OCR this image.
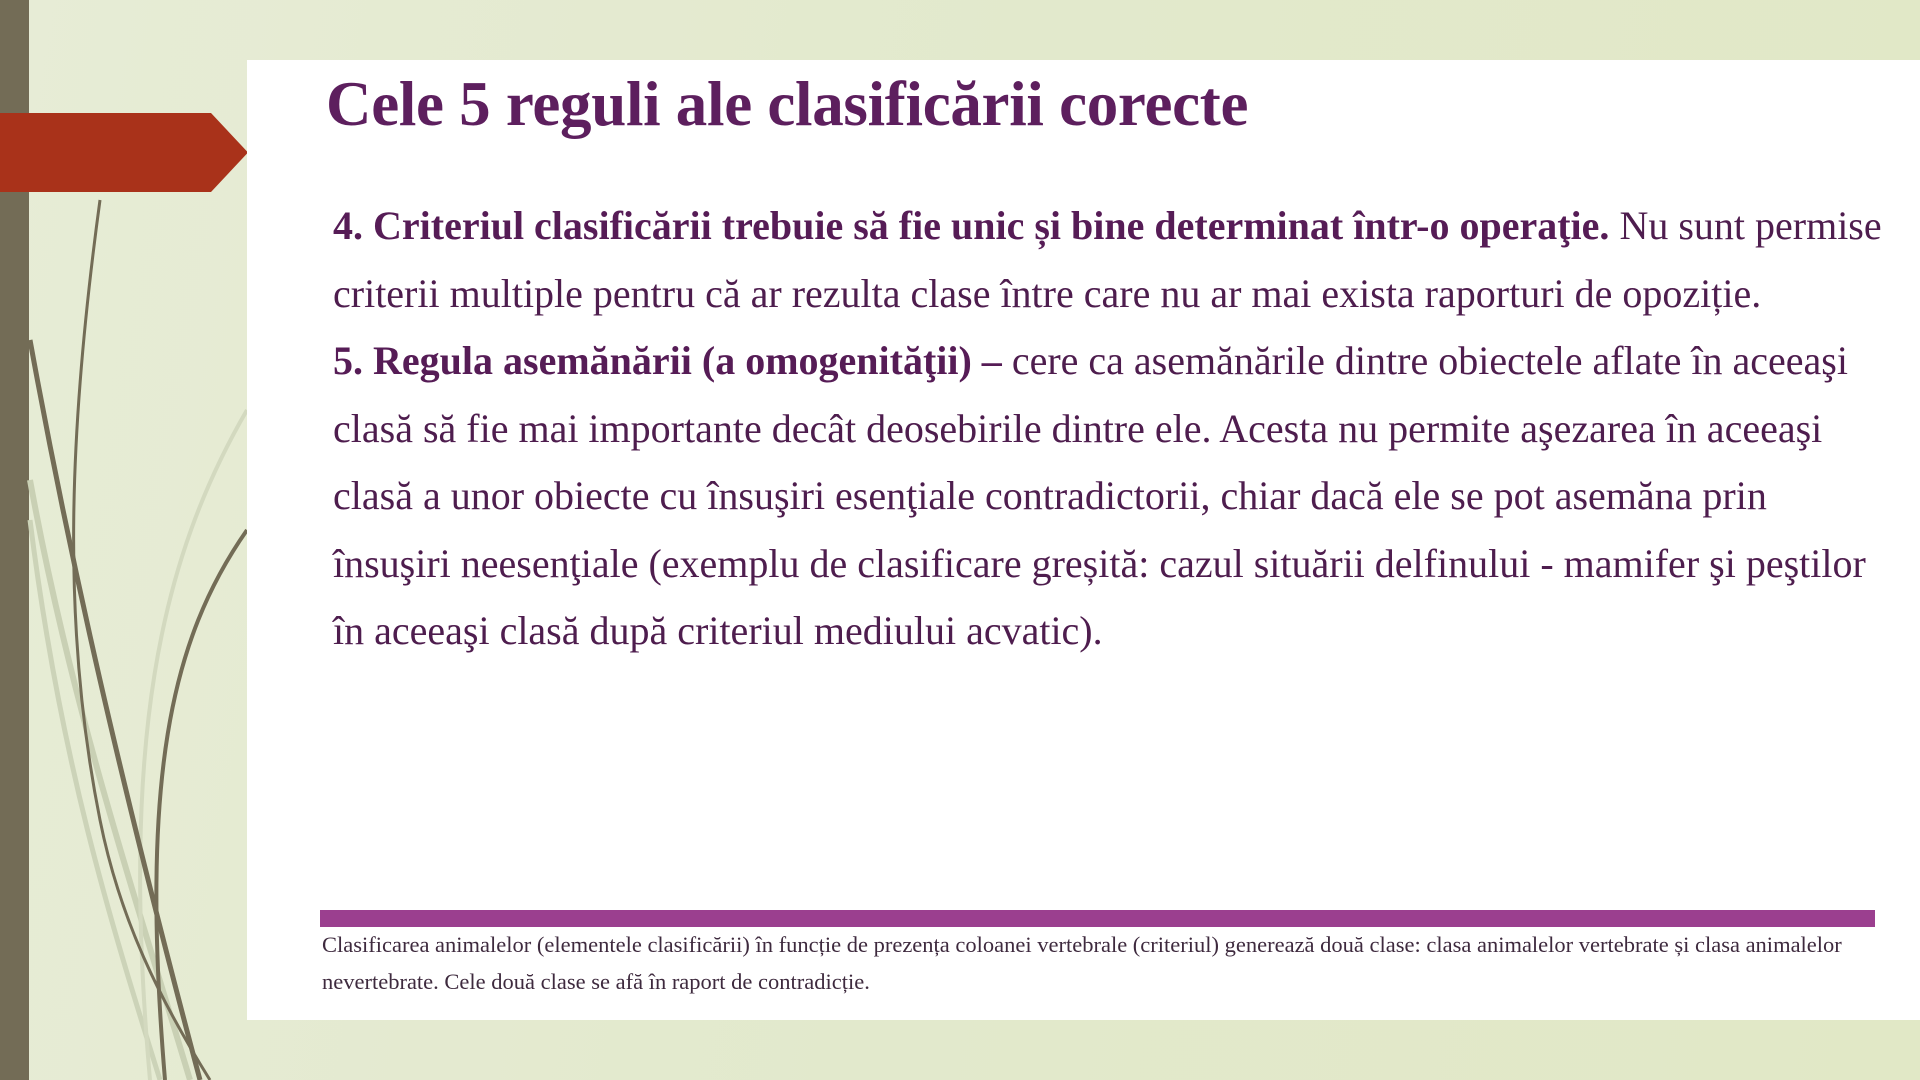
Cele 5 reguli ale clasificării corecte

4. Criteriul clasificării trebuie să fie unic și bine determinat într-o operaţie. Nu sunt permise criterii multiple pentru că ar rezulta clase între care nu ar mai exista raporturi de opoziție.

5. Regula asemănării (a omogenităţii) – cere ca asemănările dintre obiectele aflate în aceeaşi clasă să fie mai importante decât deosebirile dintre ele. Acesta nu permite aşezarea în aceeaşi clasă a unor obiecte cu însuşiri esenţiale contradictorii, chiar dacă ele se pot asemăna prin însuşiri neesenţiale (exemplu de clasificare greșită: cazul situării delfinului - mamifer şi peştilor în aceeaşi clasă după criteriul mediului acvatic).

Clasificarea animalelor (elementele clasificării) în funcție de prezența coloanei vertebrale (criteriul) generează două clase: clasa animalelor vertebrate și clasa animalelor nevertebrate. Cele două clase se afă în raport de contradicție.
